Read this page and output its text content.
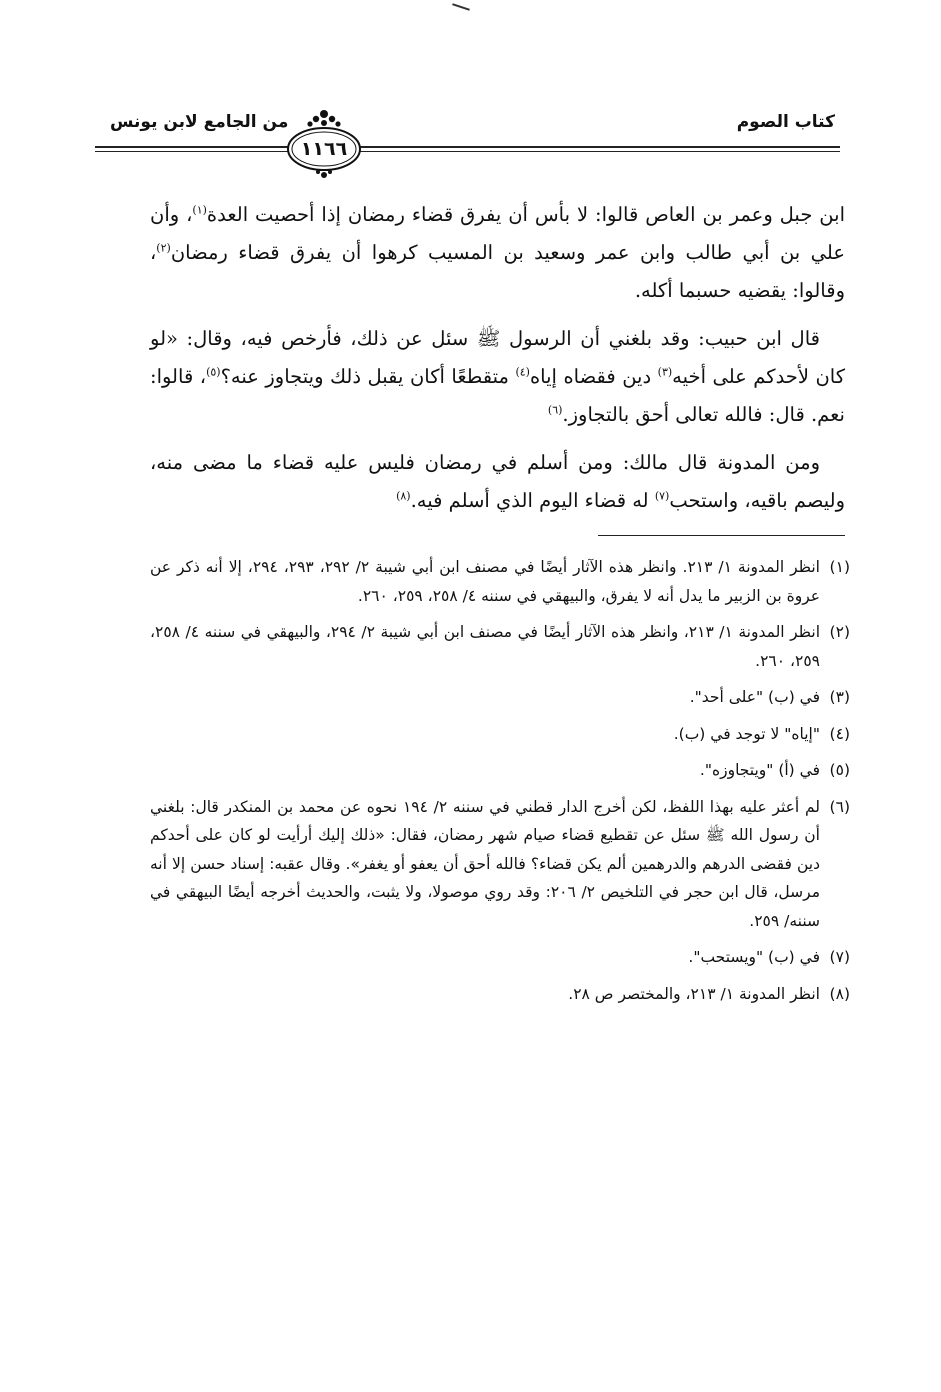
من الجامع لابن يونس	كتاب الصوم
١١٦٦

ابن جبل وعمر بن العاص قالوا: لا بأس أن يفرق قضاء رمضان إذا أحصيت العدة$^{(١)}$، وأن علي بن أبي طالب وابن عمر وسعيد بن المسيب كرهوا أن يفرق قضاء رمضان$^{(٢)}$، وقالوا: يقضيه حسبما أكله.

قال ابن حبيب: وقد بلغني أن الرسول ﷺ سئل عن ذلك، فأرخص فيه، وقال: «لو كان لأحدكم على أخيه$^{(٣)}$ دين فقضاه إياه$^{(٤)}$ متقطعًا أكان يقبل ذلك ويتجاوز عنه؟$^{(٥)}$، قالوا: نعم. قال: فالله تعالى أحق بالتجاوز.$^{(٦)}$

ومن المدونة قال مالك: ومن أسلم في رمضان فليس عليه قضاء ما مضى منه، وليصم باقيه، واستحب$^{(٧)}$ له قضاء اليوم الذي أسلم فيه.$^{(٨)}$

(١)
انظر المدونة ١/ ٢١٣. وانظر هذه الآثار أيضًا في مصنف ابن أبي شيبة ٢/ ٢٩٢، ٢٩٣، ٢٩٤، إلا أنه ذكر عن عروة بن الزبير ما يدل أنه لا يفرق، والبيهقي في سننه ٤/ ٢٥٨، ٢٥٩، ٢٦٠.
(٢)
انظر المدونة ١/ ٢١٣، وانظر هذه الآثار أيضًا في مصنف ابن أبي شيبة ٢/ ٢٩٤، والبيهقي في سننه ٤/ ٢٥٨، ٢٥٩، ٢٦٠.
(٣)
في (ب) "على أحد".
(٤)
"إياه" لا توجد في (ب).
(٥)
في (أ) "ويتجاوزه".
(٦)
لم أعثر عليه بهذا اللفظ، لكن أخرج الدار قطني في سننه ٢/ ١٩٤ نحوه عن محمد بن المنكدر قال: بلغني أن رسول الله ﷺ سئل عن تقطيع قضاء صيام شهر رمضان، فقال: «ذلك إليك أرأيت لو كان على أحدكم دين فقضى الدرهم والدرهمين ألم يكن قضاء؟ فالله أحق أن يعفو أو يغفر». وقال عقبه: إسناد حسن إلا أنه مرسل، قال ابن حجر في التلخيص ٢/ ٢٠٦: وقد روي موصولا، ولا يثبت، والحديث أخرجه أيضًا البيهقي في سننه/ ٢٥٩.
(٧)
في (ب) "ويستحب".
(٨)
انظر المدونة ١/ ٢١٣، والمختصر ص ٢٨.
